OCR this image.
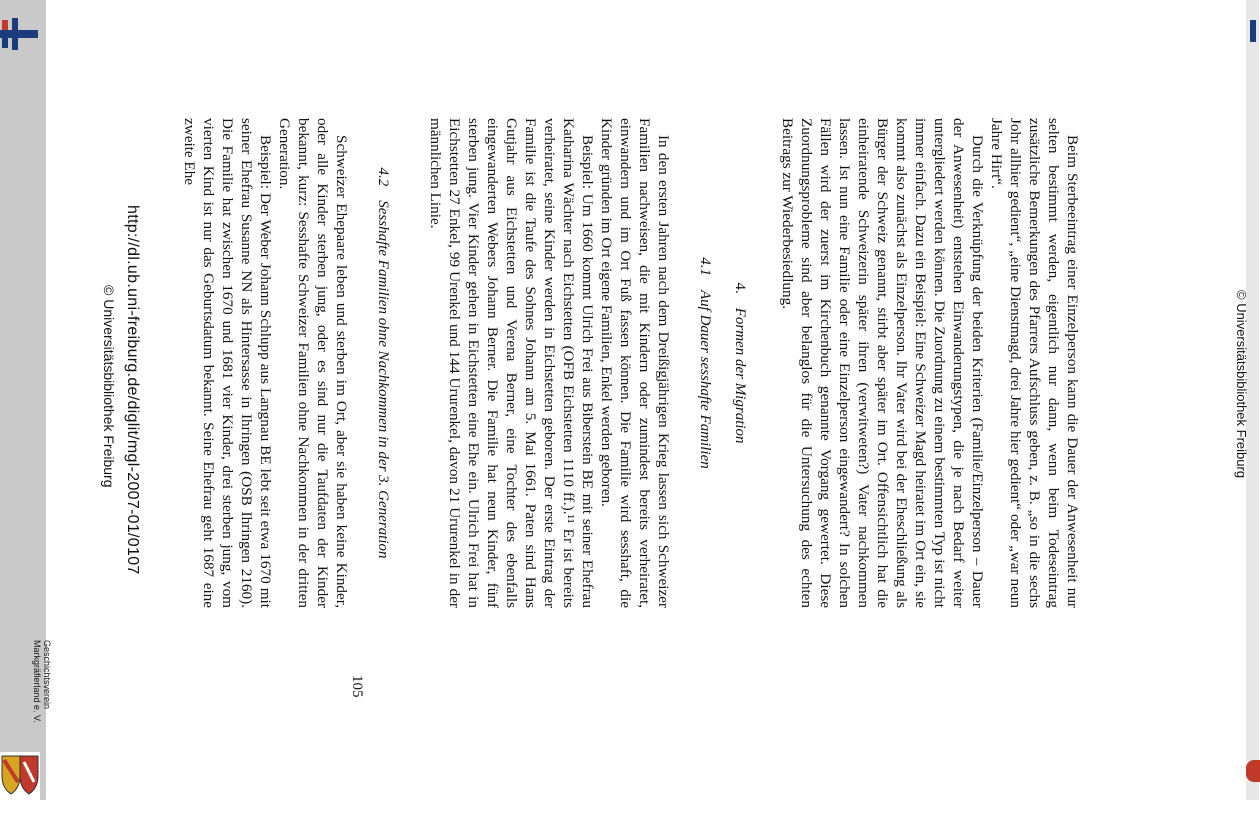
Geschichtsverein
Markgräflerland e. V.
© Universitätsbibliothek Freiburg

Beim Sterbeeintrag einer Einzelperson kann die Dauer der Anwesenheit nur selten bestimmt werden, eigentlich nur dann, wenn beim Todeseintrag zusätzliche Bemerkungen des Pfarrers Aufschluss geben, z. B. „so in die sechs Johr allhier gedient“, „eine Dienstmagd, drei Jahre hier gedient“ oder „war neun Jahre Hirt“.

Durch die Verknüpfung der beiden Kriterien (Familie/Einzelperson – Dauer der Anwesenheit) entstehen Einwanderungstypen, die je nach Bedarf weiter untergliedert werden können. Die Zuordnung zu einem bestimmten Typ ist nicht immer einfach. Dazu ein Beispiel: Eine Schweizer Magd heiratet im Ort ein, sie kommt also zunächst als Einzelperson. Ihr Vater wird bei der Eheschließung als Bürger der Schweiz genannt, stirbt aber später im Ort. Offensichtlich hat die einheiratende Schweizerin später ihren (verwitweten?) Vater nachkommen lassen. Ist nun eine Familie oder eine Einzelperson eingewandert? In solchen Fällen wird der zuerst im Kirchenbuch genannte Vorgang gewertet. Diese Zuordnungsprobleme sind aber belanglos für die Untersuchung des echten Beitrags zur Wiederbesiedlung.

4.Formen der Migration
4.1Auf Dauer sesshafte Familien

In den ersten Jahren nach dem Dreißigjährigen Krieg lassen sich Schweizer Familien nachweisen, die mit Kindern oder zumindest bereits verheiratet, einwandern und im Ort Fuß fassen können. Die Familie wird sesshaft, die Kinder gründen im Ort eigene Familien, Enkel werden geboren.

Beispiel: Um 1660 kommt Ulrich Frei aus Biberstein BE mit seiner Ehefrau Katharina Wächter nach Eichstetten (OFB Eichstetten 1110 ff.).¹¹ Er ist bereits verheiratet, seine Kinder werden in Eichstetten geboren. Der erste Eintrag der Familie ist die Taufe des Sohnes Johann am 5. Mai 1661. Paten sind Hans Gutjahr aus Eichstetten und Verena Berner, eine Tochter des ebenfalls eingewanderten Webers Johann Berner. Die Familie hat neun Kinder, fünf sterben jung. Vier Kinder gehen in Eichstetten eine Ehe ein. Ulrich Frei hat in Eichstetten 27 Enkel, 99 Urenkel und 144 Ururenkel, davon 21 Ururenkel in der männlichen Linie.

4.2Sesshafte Familien ohne Nachkommen in der 3. Generation

Schweizer Ehepaare leben und sterben im Ort, aber sie haben keine Kinder, oder alle Kinder sterben jung, oder es sind nur die Taufdaten der Kinder bekannt, kurz: Sesshafte Schweizer Familien ohne Nachkommen in der dritten Generation.

Beispiel: Der Weber Johann Schlupp aus Langnau BE lebt seit etwa 1670 mit seiner Ehefrau Susanne NN als Hintersasse in Ihringen (OSB Ihringen 2160). Die Familie hat zwischen 1670 und 1681 vier Kinder, drei sterben jung, vom vierten Kind ist nur das Geburtsdatum bekannt. Seine Ehefrau geht 1687 eine zweite Ehe

105
http://dl.ub.uni-freiburg.de/diglit/mgl-2007-01/0107
© Universitätsbibliothek Freiburg
